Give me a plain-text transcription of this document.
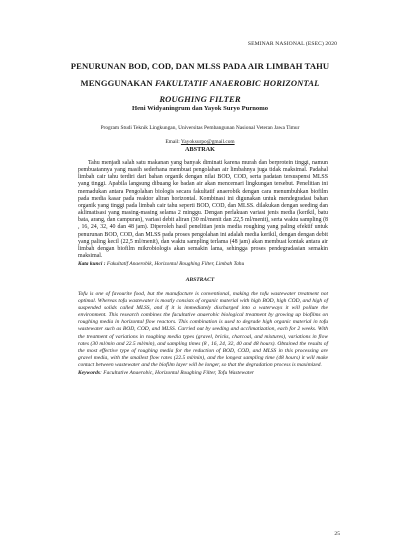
SEMINAR NASIONAL (ESEC) 2020
PENURUNAN BOD, COD, DAN MLSS PADA AIR LIMBAH TAHU
MENGGUNAKAN FAKULTATIF ANAEROBIC HORIZONTAL
ROUGHING FILTER
Heni Widyaningrum dan Yayok Suryo Purnomo
Program Studi Teknik Lingkungan, Universitas Pembangunan Nasional Veteran Jawa Timur
Email: Yayoksurpo@gmail.com
ABSTRAK
Tahu menjadi salah satu makanan yang banyak diminati karena murah dan berprotein tinggi, namun pembuatannya yang masih sederhana membuat pengolahan air limbahnya juga tidak maksimal. Padahal limbah cair tahu terdiri dari bahan organik dengan nilai BOD, COD, serta padatan tersuspensi MLSS yang tinggi. Apabila langsung dibuang ke badan air akan mencemari lingkungan tersebut. Penelitian ini memadukan antara Pengolahan biologis secara fakultatif anaerobik dengan cara menumbuhkan biofilm pada media kasar pada reaktor aliran horizontal. Kombinasi ini digunakan untuk mendegradasi bahan organik yang tinggi pada limbah cair tahu seperti BOD, COD, dan MLSS. dilakukan dengan seeding dan aklimatisasi yang masing-masing selama 2 minggu. Dengan perlakuan variasi jenis media (kerikil, batu bata, arang, dan campuran), variasi debit aliran (30 ml/menit dan 22,5 ml/menit), serta waktu sampling (8 , 16, 24, 32, 40 dan 48 jam). Diperoleh hasil penelitian jenis media roughing yang paling efektif untuk penurunan BOD, COD, dan MLSS pada proses pengolahan ini adalah media kerikil, dengan dengan debit yang paling kecil (22,5 ml/menit), dan waktu sampling terlama (48 jam) akan membuat kontak antara air limbah dengan biofilm mikrobiologis akan semakin lama, sehingga proses pendegradasian semakin maksimal.
Kata kunci : Fakultatif Anaerobik, Horizontal Roughing Filter, Limbah Tahu
ABSTRACT
Tofu is one of favourite food, but the manufacture is conventional, making the tofu wastewater treatment not optimal. Whereas tofu wastewater is mostly consists of organic material with high BOD, high COD, and high of suspended solids called MLSS, and if it is immediately discharged into a waterways it will pollute the environment. This research combines the facultative anaerobic biological treatment by growing up biofilms on roughing media in horizontal flow reactors. This combination is used to degrade high organic material in tofu wastewater such as BOD, COD, and MLSS. Carried out by seeding and acclimatization, each for 2 weeks. With the treatment of variations in roughing media types (gravel, bricks, charcoal, and mixtures), variations in flow rates (30 ml/min and 22.5 ml/min), and sampling times (8 , 16, 24, 32, 40 and 48 hours). Obtained the results of the most effective type of roughing media for the reduction of BOD, COD, and MLSS in this processing are gravel media, with the smallest flow rates (22.5 ml/min), and the longest sampling time (48 hours) it will make contact between wastewater and the biofilm layer will be longer, so that the degradation process is maximized.
Keywords: Facultative Anaerobic, Horizontal Roughing Filter, Tofu Wastewater
25
